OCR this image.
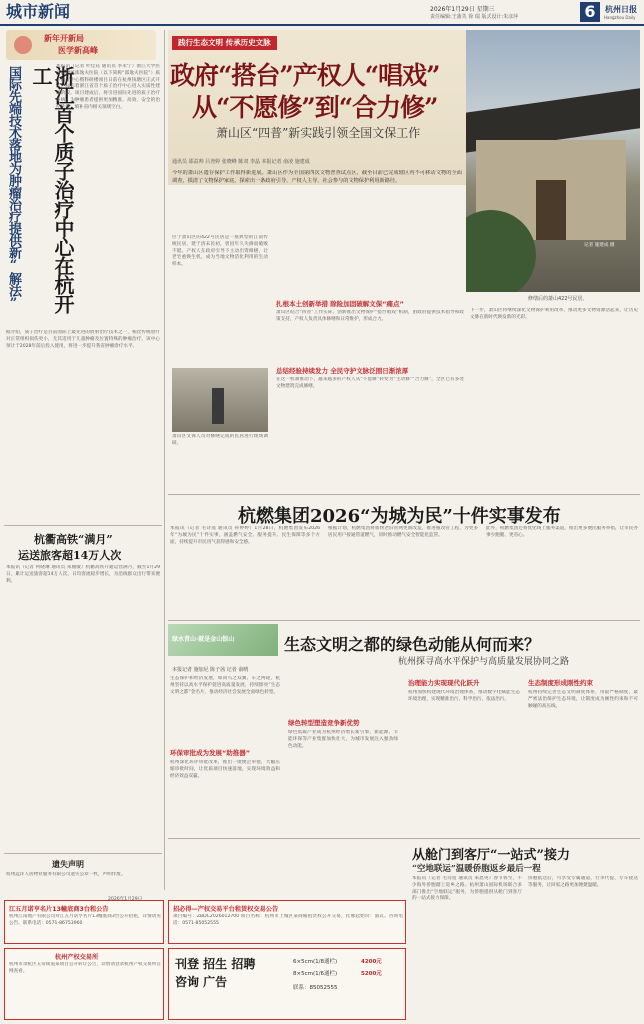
城市新闻	2026年1月29日 星期三
责任编辑:王蒲芙 徐 瑞 版式设计:朱彦萍	6	杭州日报
Hangzhou Daily
新年开新局
医学新高峰
浙江首个质子治疗中心在杭开工
国际先端技术落地为肿瘤治疗提供新“解法”	本报讯（记者 叶佳钰 通讯员 李永宁）浙江大学医学院附属邵逸夫医院（以下简称“邵逸夫医院”）质子治疗中心暨科研楼项目日前在杭州钱塘区正式开工，标志着浙江省首个质子治疗中心进入实质性建设阶段。项目建成后，将引进国际先进的质子治疗系统，为肿瘤患者提供更加精准、高效、安全的治疗选择，填补省内相关领域空白。
据介绍，质子治疗是目前国际上最先进的放射治疗技术之一，相比传统放疗对正常组织损伤更小，尤其适用于儿童肿瘤及位置特殊的肿瘤治疗。该中心预计于2028年前后投入使用，将进一步提升我省肿瘤诊疗水平。
杭衢高铁“满月”
运送旅客超14万人次
本报讯（记者 何晓琳 通讯员 朱丽敏）杭衢高铁开通运营满月，截至1月29日，累计运送旅客超14万人次，日均客流稳步增长，为沿线群众出行带来便利。
遗失声明
杭州远洋人居物业服务有限公司遗失公章一枚，声明作废。
践行生态文明 传承历史文脉
政府“搭台”产权人“唱戏”
从“不愿修”到“合力修”
萧山区“四普”新实践引领全国文保工作
记者 施建成 摄
修缮后的萧山422号民居。
通讯员 邵益帅 吕尧婷 张晓峰 陈双 李晶 本报记者 俞凌 施建成
今年的萧山区遗存保护工作取得新进展。萧山区作为全国第四次文物普查试点区，截至目前已完成辖区内不可移动文物的全面调查，摸清了文物保护家底，探索出一条政府引导、产权人主导、社会参与的文物保护利用新路径。
位于萧山区的422号民居是一座典型的江南传统民居，建于清末民初，曾因年久失修而破败不堪。产权人在政府引导下主动出资修缮，让老宅重焕生机，成为当地文物活化利用的生动样本。
扎根本土创新举措 除险加固破解文保“痛点”
萧山区结合“四普”工作实际，创新推出文物保护“搭台唱戏”机制，由政府提供技术指导和政策支持，产权人负责具体修缮和日常维护，形成合力。
萧山区文保人员对修缮完成的民居进行现场调研。
总结经验持续发力 全民守护文脉泛围日渐浓厚
在这一机制推动下，越来越多的产权人从“不愿修”转变为“主动修”“合力修”，全区已有多处文物建筑完成修缮。
下一步，萧山区将继续深化文物保护利用改革，推动更多文物资源活起来，让历史文脉在新时代焕发新的光彩。
杭燃集团2026“为城为民”十件实事发布
本报讯（记者 毛诗遥 通讯员 孙婷婷）1月28日，杭燃集团发布2026年“为城为民”十件实事，涵盖燃气安全、服务提升、民生保障等多个方面，持续提升市民用气获得感和安全感。
根据计划，杭燃集团将加快老旧管网更新改造，推进瓶改管工程，为更多居民用户接通管道燃气，同时推动燃气安全智能化监管。
此外，杭燃集团还将优化线上服务渠道，推出更多便民服务举措，让市民办事少跑腿、更省心。
绿水青山·就是金山银山	生态文明之都的绿色动能从何而来？
杭州探寻高水平保护与高质量发展协同之路
本报记者 施加尼 陈子茜 记者 俞晴
生态保护和经济发展，如同鸟之双翼、车之两轮。杭州坚持以高水平保护促进高质量发展，持续擦亮“生态文明之都”金名片，推动经济社会发展全面绿色转型。
环保审批成为发展“助推器”
杭州深化环评审批改革，推出一批便企举措，大幅压缩审批时间，让优质项目快速落地，实现环境效益和经济效益双赢。
绿色转型塑造竞争新优势
绿色低碳产业成为杭州经济增长新引擎，新能源、节能环保等产业集群加快壮大，为城市发展注入强劲绿色动能。
治理能力实现现代化跃升
杭州加快构建现代环境治理体系，推动数字化赋能生态环境治理，实现精准治污、科学治污、依法治污。
生态制度形成刚性约束
杭州持续完善生态文明制度体系，用最严格制度、最严密法治保护生态环境，让制度成为刚性约束和不可触碰的高压线。
从舱门到客厅“一站式”接力
“空地联运”温暖侨胞返乡最后一程
本报讯（记者 毛诗遥 通讯员 朱恩英）春节将至，不少海外侨胞踏上返乡之路。杭州萧山国际机场联合多部门推出“空地联运”服务，为侨胞提供从舱门到客厅的一站式接力保障。
侨胞抵达后，可享受专属通道、行李代提、专车接送等服务，让回家之路更加便捷温暖。
江五月诺亨名片13幢底商3台租公告
杭州江南地产有限公司对江五月诺亨名片13幢底商3台公开招租，详情请见公告。联系电话：0571-86753960
招必得—产权交易平台租赁权交易公告
项目编号：ZBDC2026012700 项目名称：杭州市上城区某商铺租赁权公开交易，挂牌起始价：面议。咨询电话：0571-85052555
杭州产权交易所
杭州市余杭区五常街道某项目公开转让公告，详情请登录杭州产权交易所官网查看。
刊登 招生 招聘
咨询 广告
6×5cm(1/8通栏)	4200元
8×5cm(1/6通栏)	5200元
联系：85052555
